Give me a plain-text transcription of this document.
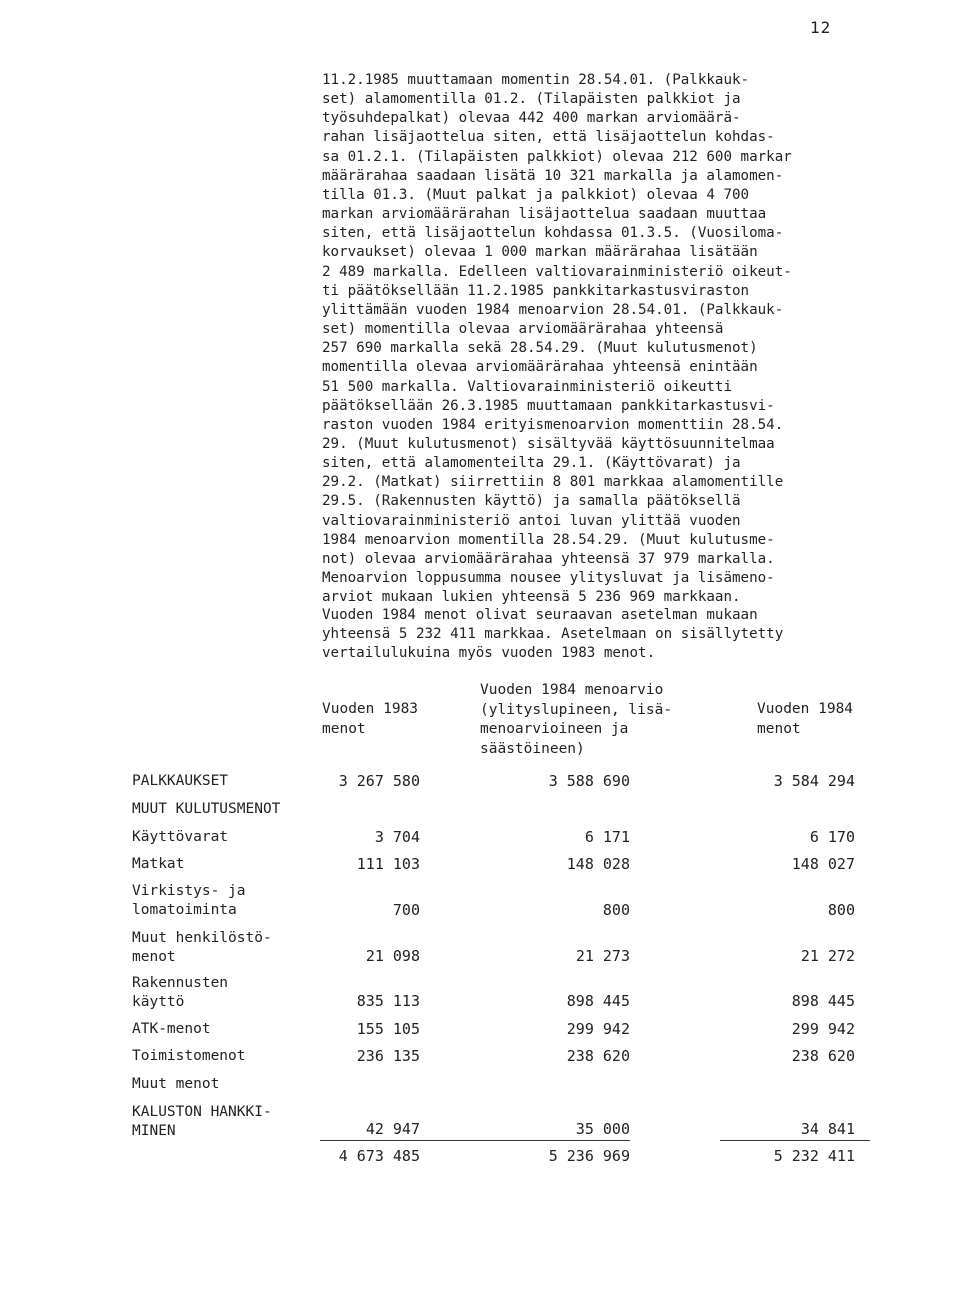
12

11.2.1985 muuttamaan momentin 28.54.01. (Palkkauk-
set) alamomentilla 01.2. (Tilapäisten palkkiot ja
työsuhdepalkat) olevaa 442 400 markan arviomäärä-
rahan lisäjaottelua siten, että lisäjaottelun kohdas-
sa 01.2.1. (Tilapäisten palkkiot) olevaa 212 600 markar
määrärahaa saadaan lisätä 10 321 markalla ja alamomen-
tilla 01.3. (Muut palkat ja palkkiot) olevaa 4 700
markan arviomäärärahan lisäjaottelua saadaan muuttaa
siten, että lisäjaottelun kohdassa 01.3.5. (Vuosiloma-
korvaukset) olevaa 1 000 markan määrärahaa lisätään
2 489 markalla. Edelleen valtiovarainministeriö oikeut-
ti päätöksellään 11.2.1985 pankkitarkastusviraston
ylittämään vuoden 1984 menoarvion 28.54.01. (Palkkauk-
set) momentilla olevaa arviomäärärahaa yhteensä
257 690 markalla sekä 28.54.29. (Muut kulutusmenot)
momentilla olevaa arviomäärärahaa yhteensä enintään
51 500 markalla. Valtiovarainministeriö oikeutti
päätöksellään 26.3.1985 muuttamaan pankkitarkastusvi-
raston vuoden 1984 erityismenoarvion momenttiin 28.54.
29. (Muut kulutusmenot) sisältyvää käyttösuunnitelmaa
siten, että alamomenteilta 29.1. (Käyttövarat) ja
29.2. (Matkat) siirrettiin 8 801 markkaa alamomentille
29.5. (Rakennusten käyttö) ja samalla päätöksellä
valtiovarainministeriö antoi luvan ylittää vuoden
1984 menoarvion momentilla 28.54.29. (Muut kulutusme-
not) olevaa arviomäärärahaa yhteensä 37 979 markalla.
Menoarvion loppusumma nousee ylitysluvat ja lisämeno-
arviot mukaan lukien yhteensä 5 236 969 markkaan.

Vuoden 1984 menot olivat seuraavan asetelman mukaan
yhteensä 5 232 411 markkaa. Asetelmaan on sisällytetty
vertailulukuina myös vuoden 1983 menot.

Vuoden 1983
menot
Vuoden 1984 menoarvio
(ylityslupineen, lisä-
menoarvioineen ja
säästöineen)
Vuoden 1984
menot
PALKKAUKSET	3 267 580	3 588 690	3 584 294
MUUT KULUTUSMENOT
Käyttövarat	3 704	6 171	6 170
Matkat	111 103	148 028	148 027
Virkistys- ja
lomatoiminta	700	800	800
Muut henkilöstö-
menot	21 098	21 273	21 272
Rakennusten
käyttö	835 113	898 445	898 445
ATK-menot	155 105	299 942	299 942
Toimistomenot	236 135	238 620	238 620
Muut menot
KALUSTON HANKKI-
MINEN	42 947	35 000	34 841
4 673 485	5 236 969	5 232 411
